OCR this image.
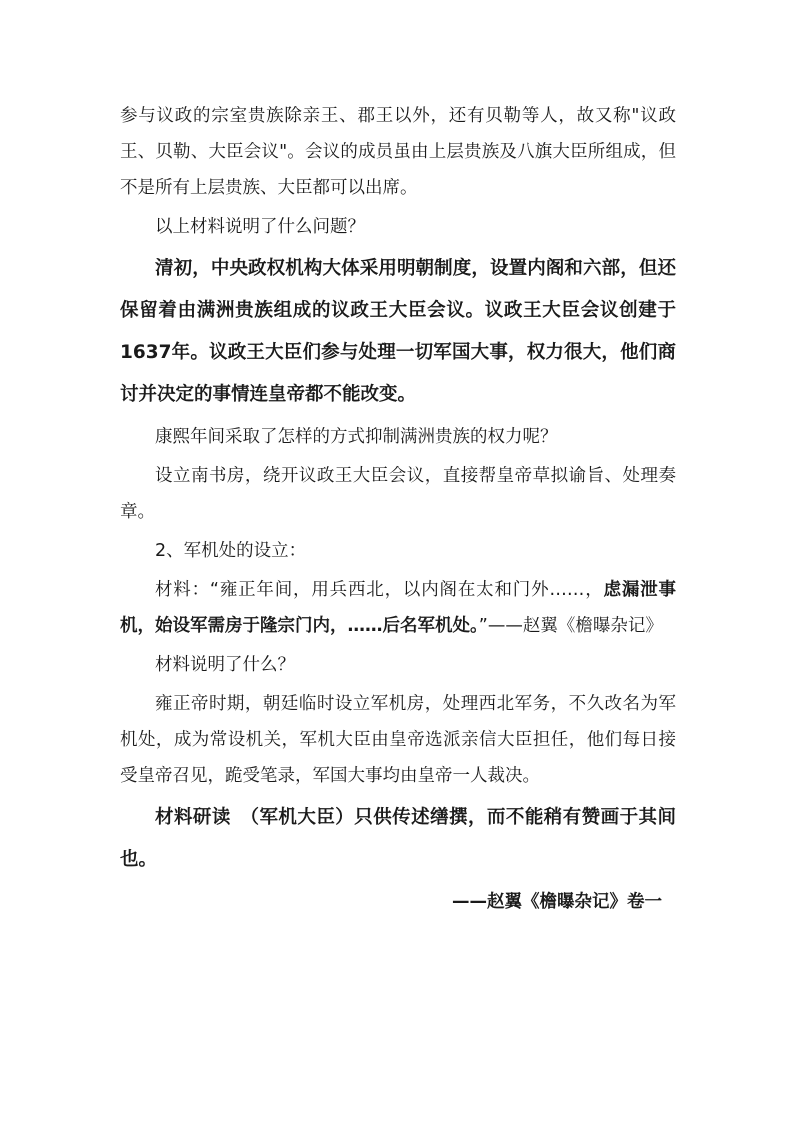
参与议政的宗室贵族除亲王、郡王以外，还有贝勒等人，故又称"议政王、贝勒、大臣会议"。会议的成员虽由上层贵族及八旗大臣所组成，但不是所有上层贵族、大臣都可以出席。

以上材料说明了什么问题？

清初，中央政权机构大体采用明朝制度，设置内阁和六部，但还保留着由满洲贵族组成的议政王大臣会议。议政王大臣会议创建于1637年。议政王大臣们参与处理一切军国大事，权力很大，他们商讨并决定的事情连皇帝都不能改变。

康熙年间采取了怎样的方式抑制满洲贵族的权力呢？

设立南书房，绕开议政王大臣会议，直接帮皇帝草拟谕旨、处理奏章。

2、军机处的设立：

材料：“雍正年间，用兵西北，以内阁在太和门外……，虑漏泄事机，始设军需房于隆宗门内，……后名军机处。”——赵翼《檐曝杂记》

材料说明了什么？

雍正帝时期，朝廷临时设立军机房，处理西北军务，不久改名为军机处，成为常设机关，军机大臣由皇帝选派亲信大臣担任，他们每日接受皇帝召见，跪受笔录，军国大事均由皇帝一人裁决。

材料研读　（军机大臣）只供传述缮撰，而不能稍有赞画于其间也。

——赵翼《檐曝杂记》卷一
